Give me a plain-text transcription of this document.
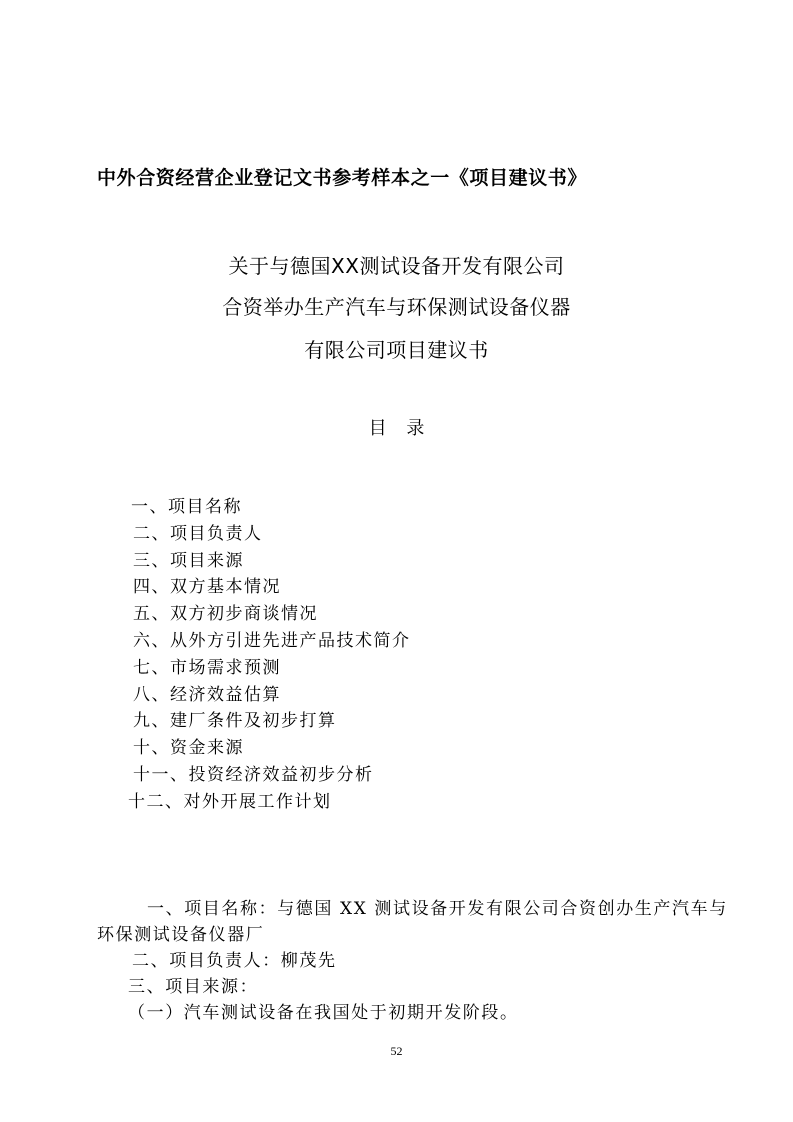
中外合资经营企业登记文书参考样本之一《项目建议书》
关于与德国XX测试设备开发有限公司
合资举办生产汽车与环保测试设备仪器
有限公司项目建议书
目 录
一、项目名称
二、项目负责人
三、项目来源
四、双方基本情况
五、双方初步商谈情况
六、从外方引进先进产品技术简介
七、市场需求预测
八、经济效益估算
九、建厂条件及初步打算
十、资金来源
十一、投资经济效益初步分析
十二、对外开展工作计划
一、项目名称：与德国 XX 测试设备开发有限公司合资创办生产汽车与
环保测试设备仪器厂
二、项目负责人：柳茂先
三、项目来源：
（一）汽车测试设备在我国处于初期开发阶段。
52
